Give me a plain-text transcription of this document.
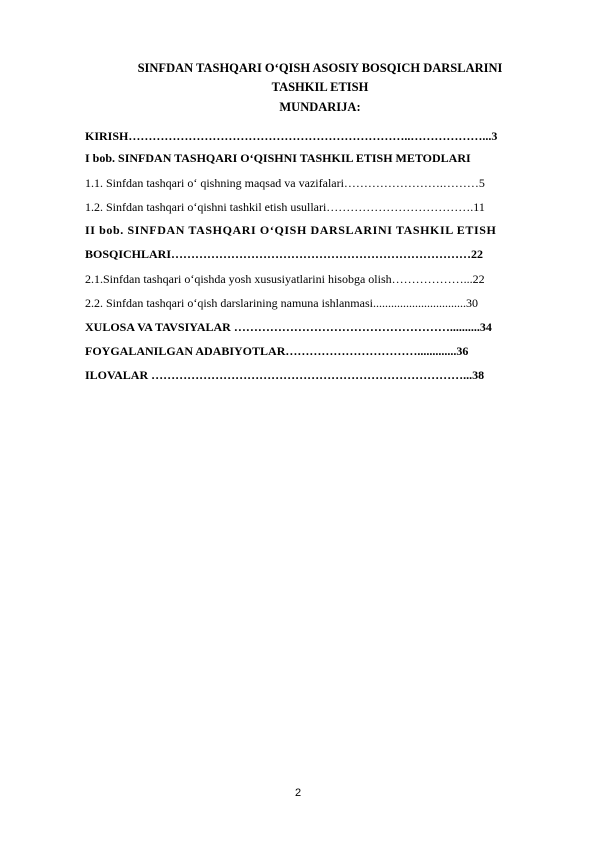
SINFDAN TASHQARI O‘QISH ASOSIY BOSQICH DARSLARINI

TASHKIL ETISH

MUNDARIJA:

KIRISH……………………………………………………………..………………...3
I bob. SINFDAN TASHQARI O‘QISHNI TASHKIL ETISH METODLARI
1.1. Sinfdan tashqari o‘ qishning maqsad va vazifalari…………………….………5
1.2. Sinfdan tashqari o‘qishni tashkil etish usullari……………………………….11
II bob. SINFDAN TASHQARI O‘QISH DARSLARINI TASHKIL ETISH
BOSQICHLARI…………………………………………………………………22
2.1.Sinfdan tashqari o‘qishda yosh xususiyatlarini hisobga olish………………...22
2.2. Sinfdan tashqari o‘qish darslarining namuna ishlanmasi...............................30
XULOSA VA TAVSIYALAR ………………………………………………..........34
FOYGALANILGAN ADABIYOTLAR…………………………….............36
ILOVALAR ……………………………………………………………………...38
2
